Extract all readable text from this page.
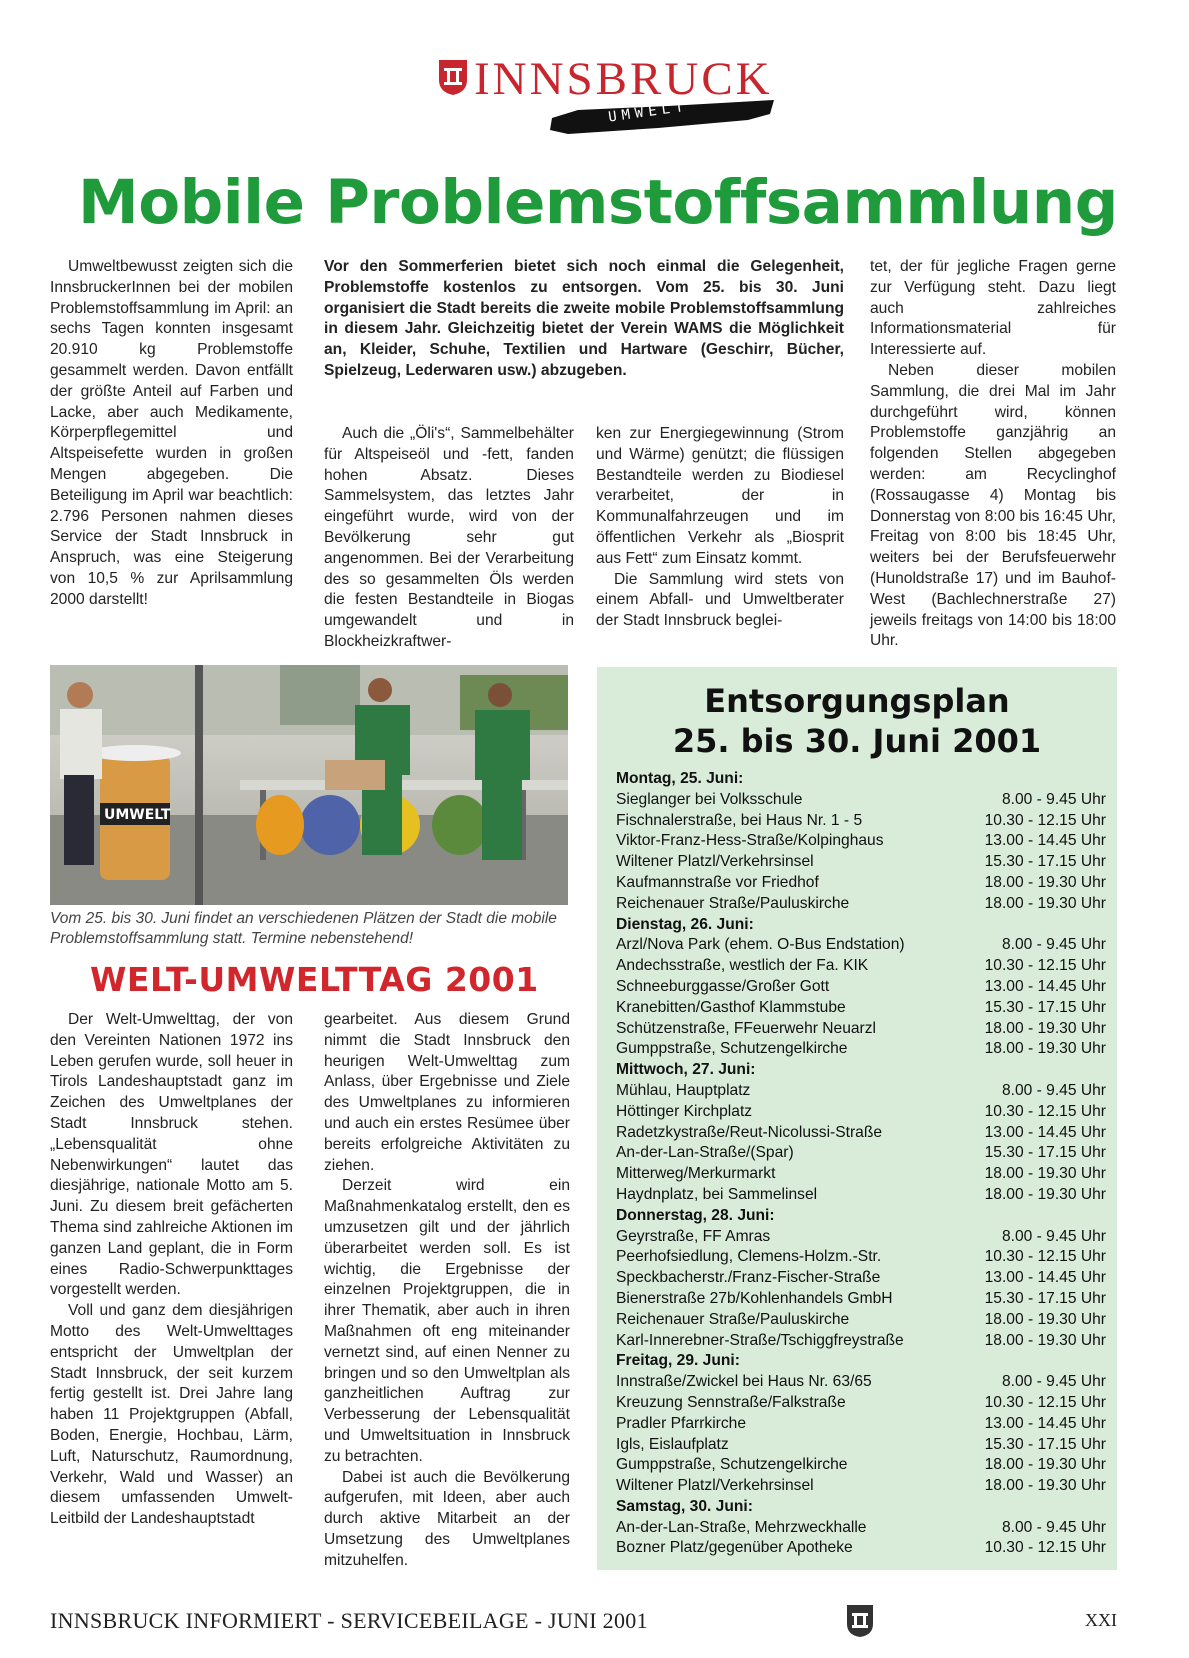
INNSBRUCK
UMWELT
Mobile Problemstoffsammlung

Umweltbewusst zeigten sich die InnsbruckerInnen bei der mobilen Problemstoffsammlung im April: an sechs Tagen konnten insgesamt 20.910 kg Problemstoffe gesammelt werden. Davon entfällt der größte Anteil auf Farben und Lacke, aber auch Medikamente, Körperpflegemittel und Altspeisefette wurden in großen Mengen abgegeben. Die Beteiligung im April war beachtlich: 2.796 Personen nahmen dieses Service der Stadt Innsbruck in Anspruch, was eine Steigerung von 10,5 % zur Aprilsammlung 2000 darstellt!

Vor den Sommerferien bietet sich noch einmal die Gelegenheit, Problemstoffe kostenlos zu entsorgen. Vom 25. bis 30. Juni organisiert die Stadt bereits die zweite mobile Problemstoffsammlung in diesem Jahr. Gleichzeitig bietet der Verein WAMS die Möglichkeit an, Kleider, Schuhe, Textilien und Hartware (Geschirr, Bücher, Spielzeug, Lederwaren usw.) abzugeben.

Auch die „Öli's“, Sammelbehälter für Altspeiseöl und -fett, fanden hohen Absatz. Dieses Sammelsystem, das letztes Jahr eingeführt wurde, wird von der Bevölkerung sehr gut angenommen. Bei der Verarbeitung des so gesammelten Öls werden die festen Bestandteile in Biogas umgewandelt und in Blockheizkraftwer-

ken zur Energiegewinnung (Strom und Wärme) genützt; die flüssigen Bestandteile werden zu Biodiesel verarbeitet, der in Kommunalfahrzeugen und im öffentlichen Verkehr als „Biosprit aus Fett“ zum Einsatz kommt.

Die Sammlung wird stets von einem Abfall- und Umweltberater der Stadt Innsbruck beglei-

tet, der für jegliche Fragen gerne zur Verfügung steht. Dazu liegt auch zahlreiches Informationsmaterial für Interessierte auf.

Neben dieser mobilen Sammlung, die drei Mal im Jahr durchgeführt wird, können Problemstoffe ganzjährig an folgenden Stellen abgegeben werden: am Recyclinghof (Rossaugasse 4) Montag bis Donnerstag von 8:00 bis 16:45 Uhr, Freitag von 8:00 bis 18:45 Uhr, weiters bei der Berufsfeuerwehr (Hunoldstraße 17) und im Bauhof-West (Bachlechnerstraße 27) jeweils freitags von 14:00 bis 18:00 Uhr.

UMWELT
Vom 25. bis 30. Juni findet an verschiedenen Plätzen der Stadt die mobile Problemstoffsammlung statt. Termine nebenstehend!
WELT-UMWELTTAG 2001

Der Welt-Umwelttag, der von den Vereinten Nationen 1972 ins Leben gerufen wurde, soll heuer in Tirols Landeshauptstadt ganz im Zeichen des Umweltplanes der Stadt Innsbruck stehen. „Lebensqualität ohne Nebenwirkungen“ lautet das diesjährige, nationale Motto am 5. Juni. Zu diesem breit gefächerten Thema sind zahlreiche Aktionen im ganzen Land geplant, die in Form eines Radio-Schwerpunkttages vorgestellt werden.

Voll und ganz dem diesjährigen Motto des Welt-Umwelttages entspricht der Umweltplan der Stadt Innsbruck, der seit kurzem fertig gestellt ist. Drei Jahre lang haben 11 Projektgruppen (Abfall, Boden, Energie, Hochbau, Lärm, Luft, Naturschutz, Raumordnung, Verkehr, Wald und Wasser) an diesem umfassenden Umwelt-Leitbild der Landeshauptstadt

gearbeitet. Aus diesem Grund nimmt die Stadt Innsbruck den heurigen Welt-Umwelttag zum Anlass, über Ergebnisse und Ziele des Umweltplanes zu informieren und auch ein erstes Resümee über bereits erfolgreiche Aktivitäten zu ziehen.

Derzeit wird ein Maßnahmenkatalog erstellt, den es umzusetzen gilt und der jährlich überarbeitet werden soll. Es ist wichtig, die Ergebnisse der einzelnen Projektgruppen, die in ihrer Thematik, aber auch in ihren Maßnahmen oft eng miteinander vernetzt sind, auf einen Nenner zu bringen und so den Umweltplan als ganzheitlichen Auftrag zur Verbesserung der Lebensqualität und Umweltsituation in Innsbruck zu betrachten.

Dabei ist auch die Bevölkerung aufgerufen, mit Ideen, aber auch durch aktive Mitarbeit an der Umsetzung des Umweltplanes mitzuhelfen.

Entsorgungsplan
25. bis 30. Juni 2001
Montag, 25. Juni:
Sieglanger bei Volksschule	8.00 - 9.45 Uhr
Fischnalerstraße, bei Haus Nr. 1 - 5	10.30 - 12.15 Uhr
Viktor-Franz-Hess-Straße/Kolpinghaus	13.00 - 14.45 Uhr
Wiltener Platzl/Verkehrsinsel	15.30 - 17.15 Uhr
Kaufmannstraße vor Friedhof	18.00 - 19.30 Uhr
Reichenauer Straße/Pauluskirche	18.00 - 19.30 Uhr
Dienstag, 26. Juni:
Arzl/Nova Park (ehem. O-Bus Endstation)	8.00 - 9.45 Uhr
Andechsstraße, westlich der Fa. KIK	10.30 - 12.15 Uhr
Schneeburggasse/Großer Gott	13.00 - 14.45 Uhr
Kranebitten/Gasthof Klammstube	15.30 - 17.15 Uhr
Schützenstraße, FFeuerwehr Neuarzl	18.00 - 19.30 Uhr
Gumppstraße, Schutzengelkirche	18.00 - 19.30 Uhr
Mittwoch, 27. Juni:
Mühlau, Hauptplatz	8.00 - 9.45 Uhr
Höttinger Kirchplatz	10.30 - 12.15 Uhr
Radetzkystraße/Reut-Nicolussi-Straße	13.00 - 14.45 Uhr
An-der-Lan-Straße/(Spar)	15.30 - 17.15 Uhr
Mitterweg/Merkurmarkt	18.00 - 19.30 Uhr
Haydnplatz, bei Sammelinsel	18.00 - 19.30 Uhr
Donnerstag, 28. Juni:
Geyrstraße, FF Amras	8.00 - 9.45 Uhr
Peerhofsiedlung, Clemens-Holzm.-Str.	10.30 - 12.15 Uhr
Speckbacherstr./Franz-Fischer-Straße	13.00 - 14.45 Uhr
Bienerstraße 27b/Kohlenhandels GmbH	15.30 - 17.15 Uhr
Reichenauer Straße/Pauluskirche	18.00 - 19.30 Uhr
Karl-Innerebner-Straße/Tschiggfreystraße	18.00 - 19.30 Uhr
Freitag, 29. Juni:
Innstraße/Zwickel bei Haus Nr. 63/65	8.00 - 9.45 Uhr
Kreuzung Sennstraße/Falkstraße	10.30 - 12.15 Uhr
Pradler Pfarrkirche	13.00 - 14.45 Uhr
Igls, Eislaufplatz	15.30 - 17.15 Uhr
Gumppstraße, Schutzengelkirche	18.00 - 19.30 Uhr
Wiltener Platzl/Verkehrsinsel	18.00 - 19.30 Uhr
Samstag, 30. Juni:
An-der-Lan-Straße, Mehrzweckhalle	8.00 - 9.45 Uhr
Bozner Platz/gegenüber Apotheke	10.30 - 12.15 Uhr
INNSBRUCK INFORMIERT - SERVICEBEILAGE - JUNI 2001	XXI
